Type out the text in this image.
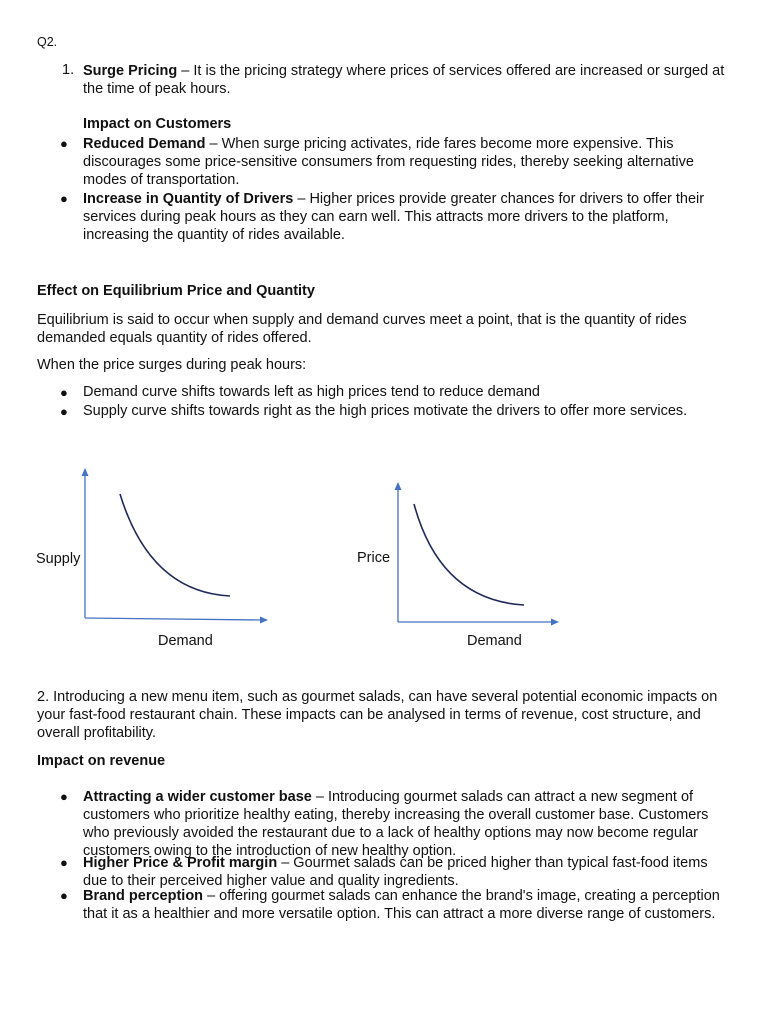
Q2.
1. Surge Pricing – It is the pricing strategy where prices of services offered are increased or surged at the time of peak hours.
Impact on Customers
● Reduced Demand – When surge pricing activates, ride fares become more expensive. This discourages some price-sensitive consumers from requesting rides, thereby seeking alternative modes of transportation.
● Increase in Quantity of Drivers – Higher prices provide greater chances for drivers to offer their services during peak hours as they can earn well. This attracts more drivers to the platform, increasing the quantity of rides available.
Effect on Equilibrium Price and Quantity
Equilibrium is said to occur when supply and demand curves meet a point, that is the quantity of rides demanded equals quantity of rides offered.
When the price surges during peak hours:
● Demand curve shifts towards left as high prices tend to reduce demand
● Supply curve shifts towards right as the high prices motivate the drivers to offer more services.
Supply
Demand
Price
Demand
2. Introducing a new menu item, such as gourmet salads, can have several potential economic impacts on your fast-food restaurant chain. These impacts can be analysed in terms of revenue, cost structure, and overall profitability.
Impact on revenue
● Attracting a wider customer base – Introducing gourmet salads can attract a new segment of customers who prioritize healthy eating, thereby increasing the overall customer base. Customers who previously avoided the restaurant due to a lack of healthy options may now become regular customers owing to the introduction of new healthy option.
● Higher Price & Profit margin – Gourmet salads can be priced higher than typical fast-food items due to their perceived higher value and quality ingredients.
● Brand perception – offering gourmet salads can enhance the brand's image, creating a perception that it as a healthier and more versatile option. This can attract a more diverse range of customers.
